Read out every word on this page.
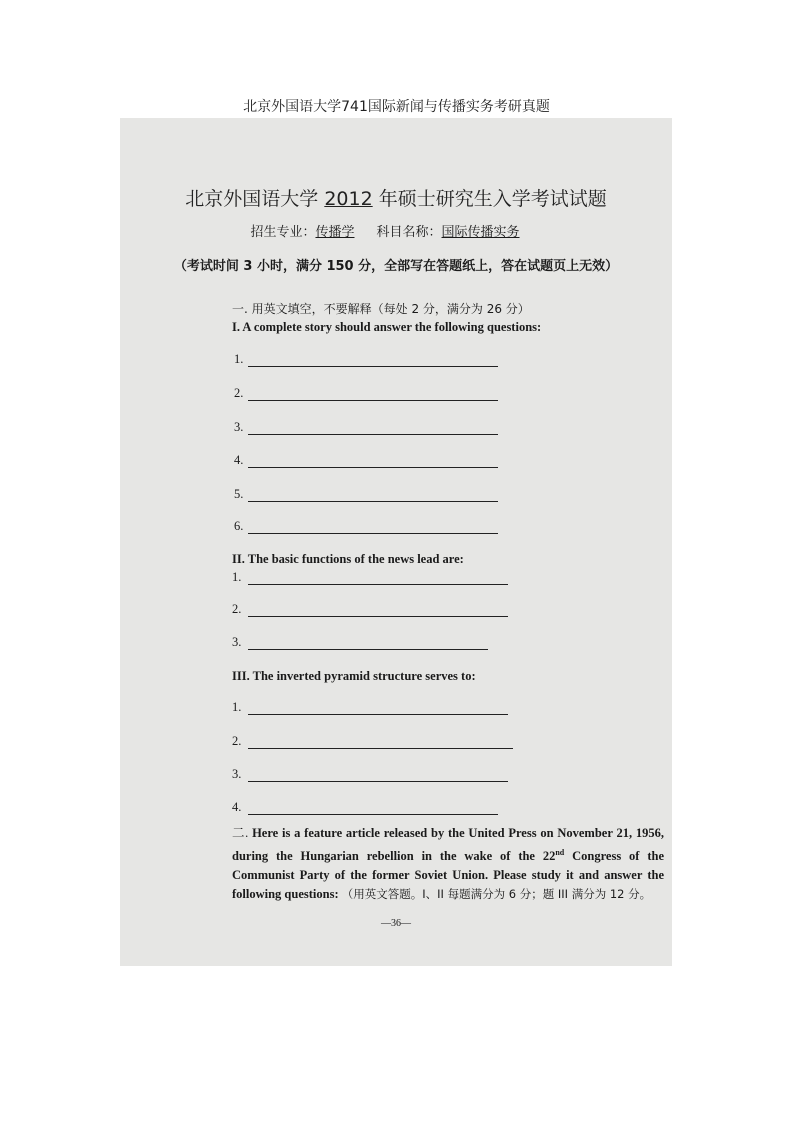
北京外国语大学741国际新闻与传播实务考研真题
北京外国语大学 2012 年硕士研究生入学考试试题
招生专业：传播学 科目名称：国际传播实务
（考试时间 3 小时，满分 150 分，全部写在答题纸上，答在试题页上无效）
一. 用英文填空，不要解释（每处 2 分，满分为 26 分）
I. A complete story should answer the following questions:
1.
2.
3.
4.
5.
6.
II. The basic functions of the news lead are:
1.
2.
3.
III. The inverted pyramid structure serves to:
1.
2.
3.
4.
二. Here is a feature article released by the United Press on November 21, 1956, during the Hungarian rebellion in the wake of the 22nd Congress of the Communist Party of the former Soviet Union. Please study it and answer the following questions: （用英文答题。I、II 每题满分为 6 分；题 III 满分为 12 分。
—36—
